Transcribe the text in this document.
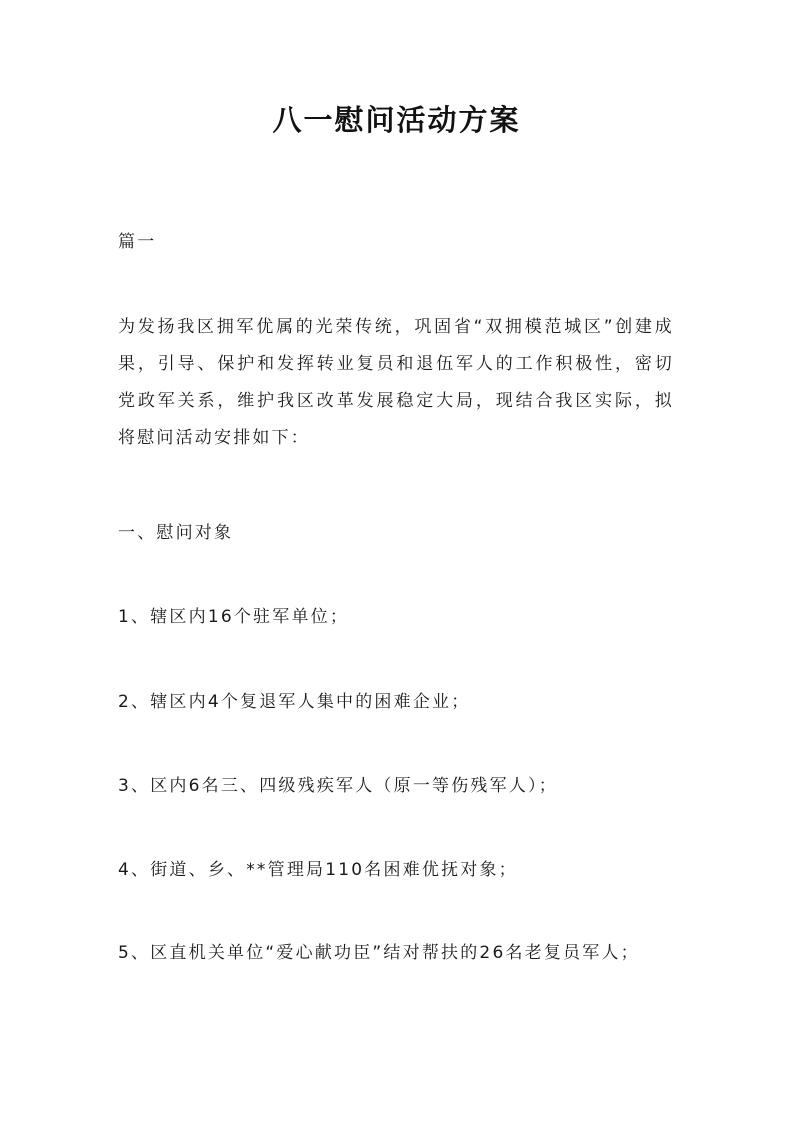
八一慰问活动方案
篇一
为发扬我区拥军优属的光荣传统，巩固省“双拥模范城区”创建成果，引导、保护和发挥转业复员和退伍军人的工作积极性，密切党政军关系，维护我区改革发展稳定大局，现结合我区实际，拟将慰问活动安排如下：
一、慰问对象
1、辖区内16个驻军单位；
2、辖区内4个复退军人集中的困难企业；
3、区内6名三、四级残疾军人（原一等伤残军人）；
4、街道、乡、**管理局110名困难优抚对象；
5、区直机关单位“爱心献功臣”结对帮扶的26名老复员军人；
